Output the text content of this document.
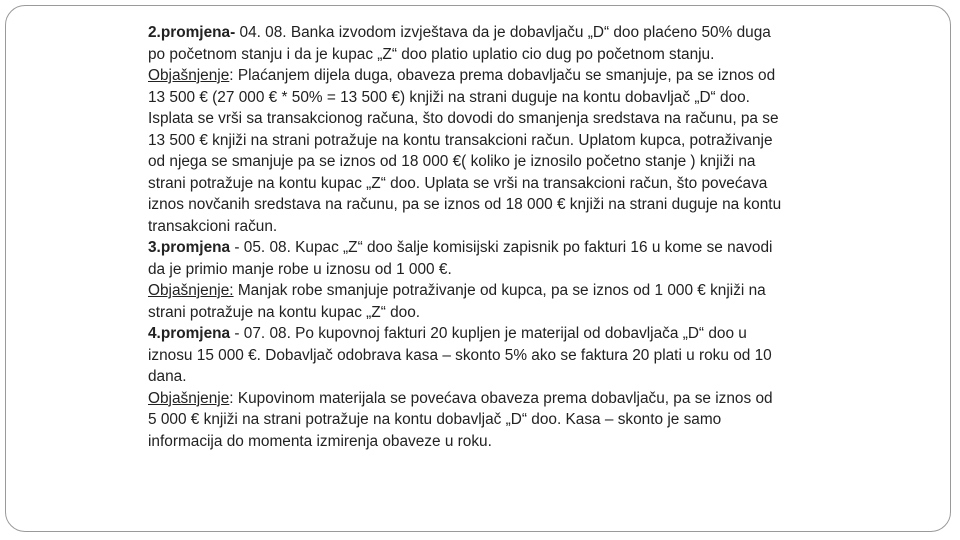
2.promjena- 04. 08. Banka izvodom izvještava da je dobavljaču „D“ doo plaćeno 50% duga
po početnom stanju i da je kupac „Z“ doo platio uplatio cio dug po početnom stanju.
Objašnjenje: Plaćanjem dijela duga, obaveza prema dobavljaču se smanjuje, pa se iznos od
13 500 € (27 000 € * 50% = 13 500 €) knjiži na strani duguje na kontu dobavljač „D“ doo.
Isplata se vrši sa transakcionog računa, što dovodi do smanjenja sredstava na računu, pa se
13 500 € knjiži na strani potražuje na kontu transakcioni račun. Uplatom kupca, potraživanje
od njega se smanjuje pa se iznos od 18 000 €( koliko je iznosilo početno stanje ) knjiži na
strani potražuje na kontu kupac „Z“ doo. Uplata se vrši na transakcioni račun, što povećava
iznos novčanih sredstava na računu, pa se iznos od 18 000 € knjiži na strani duguje na kontu
transakcioni račun.
3.promjena - 05. 08. Kupac „Z“ doo šalje komisijski zapisnik po fakturi 16 u kome se navodi
da je primio manje robe u iznosu od 1 000 €.
Objašnjenje: Manjak robe smanjuje potraživanje od kupca, pa se iznos od 1 000 € knjiži na
strani potražuje na kontu kupac „Z“ doo.
4.promjena - 07. 08. Po kupovnoj fakturi 20 kupljen je materijal od dobavljača „D“ doo u
iznosu 15 000 €. Dobavljač odobrava kasa – skonto 5% ako se faktura 20 plati u roku od 10
dana.
Objašnjenje: Kupovinom materijala se povećava obaveza prema dobavljaču, pa se iznos od
5 000 € knjiži na strani potražuje na kontu dobavljač „D“ doo. Kasa – skonto je samo
informacija do momenta izmirenja obaveze u roku.
